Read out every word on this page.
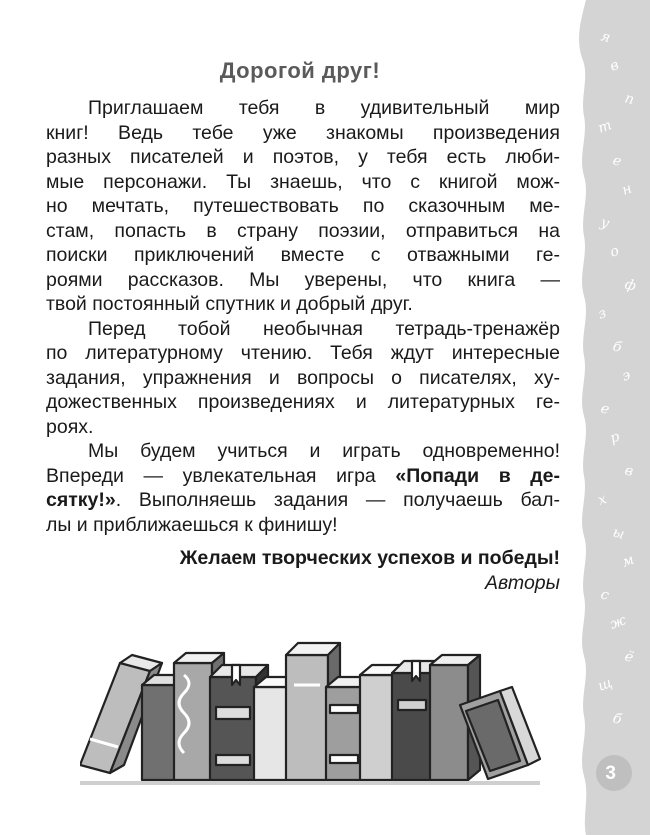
я
в
п
т
е
н
у
о
ф
з
б
э
е
р
в
х
ы
м
с
ж
ё
щ
б
3
Дорогой друг!
Приглашаем тебя в удивительный мир
книг! Ведь тебе уже знакомы произведения
разных писателей и поэтов, у тебя есть люби-
мые персонажи. Ты знаешь, что с книгой мож-
но мечтать, путешествовать по сказочным ме-
стам, попасть в страну поэзии, отправиться на
поиски приключений вместе с отважными ге-
роями рассказов. Мы уверены, что книга —
твой постоянный спутник и добрый друг.
Перед тобой необычная тетрадь-тренажёр
по литературному чтению. Тебя ждут интересные
задания, упражнения и вопросы о писателях, ху-
дожественных произведениях и литературных ге-
роях.
Мы будем учиться и играть одновременно!
Впереди — увлекательная игра «Попади в де-
сятку!». Выполняешь задания — получаешь бал-
лы и приближаешься к финишу!
Желаем творческих успехов и победы!
Авторы
